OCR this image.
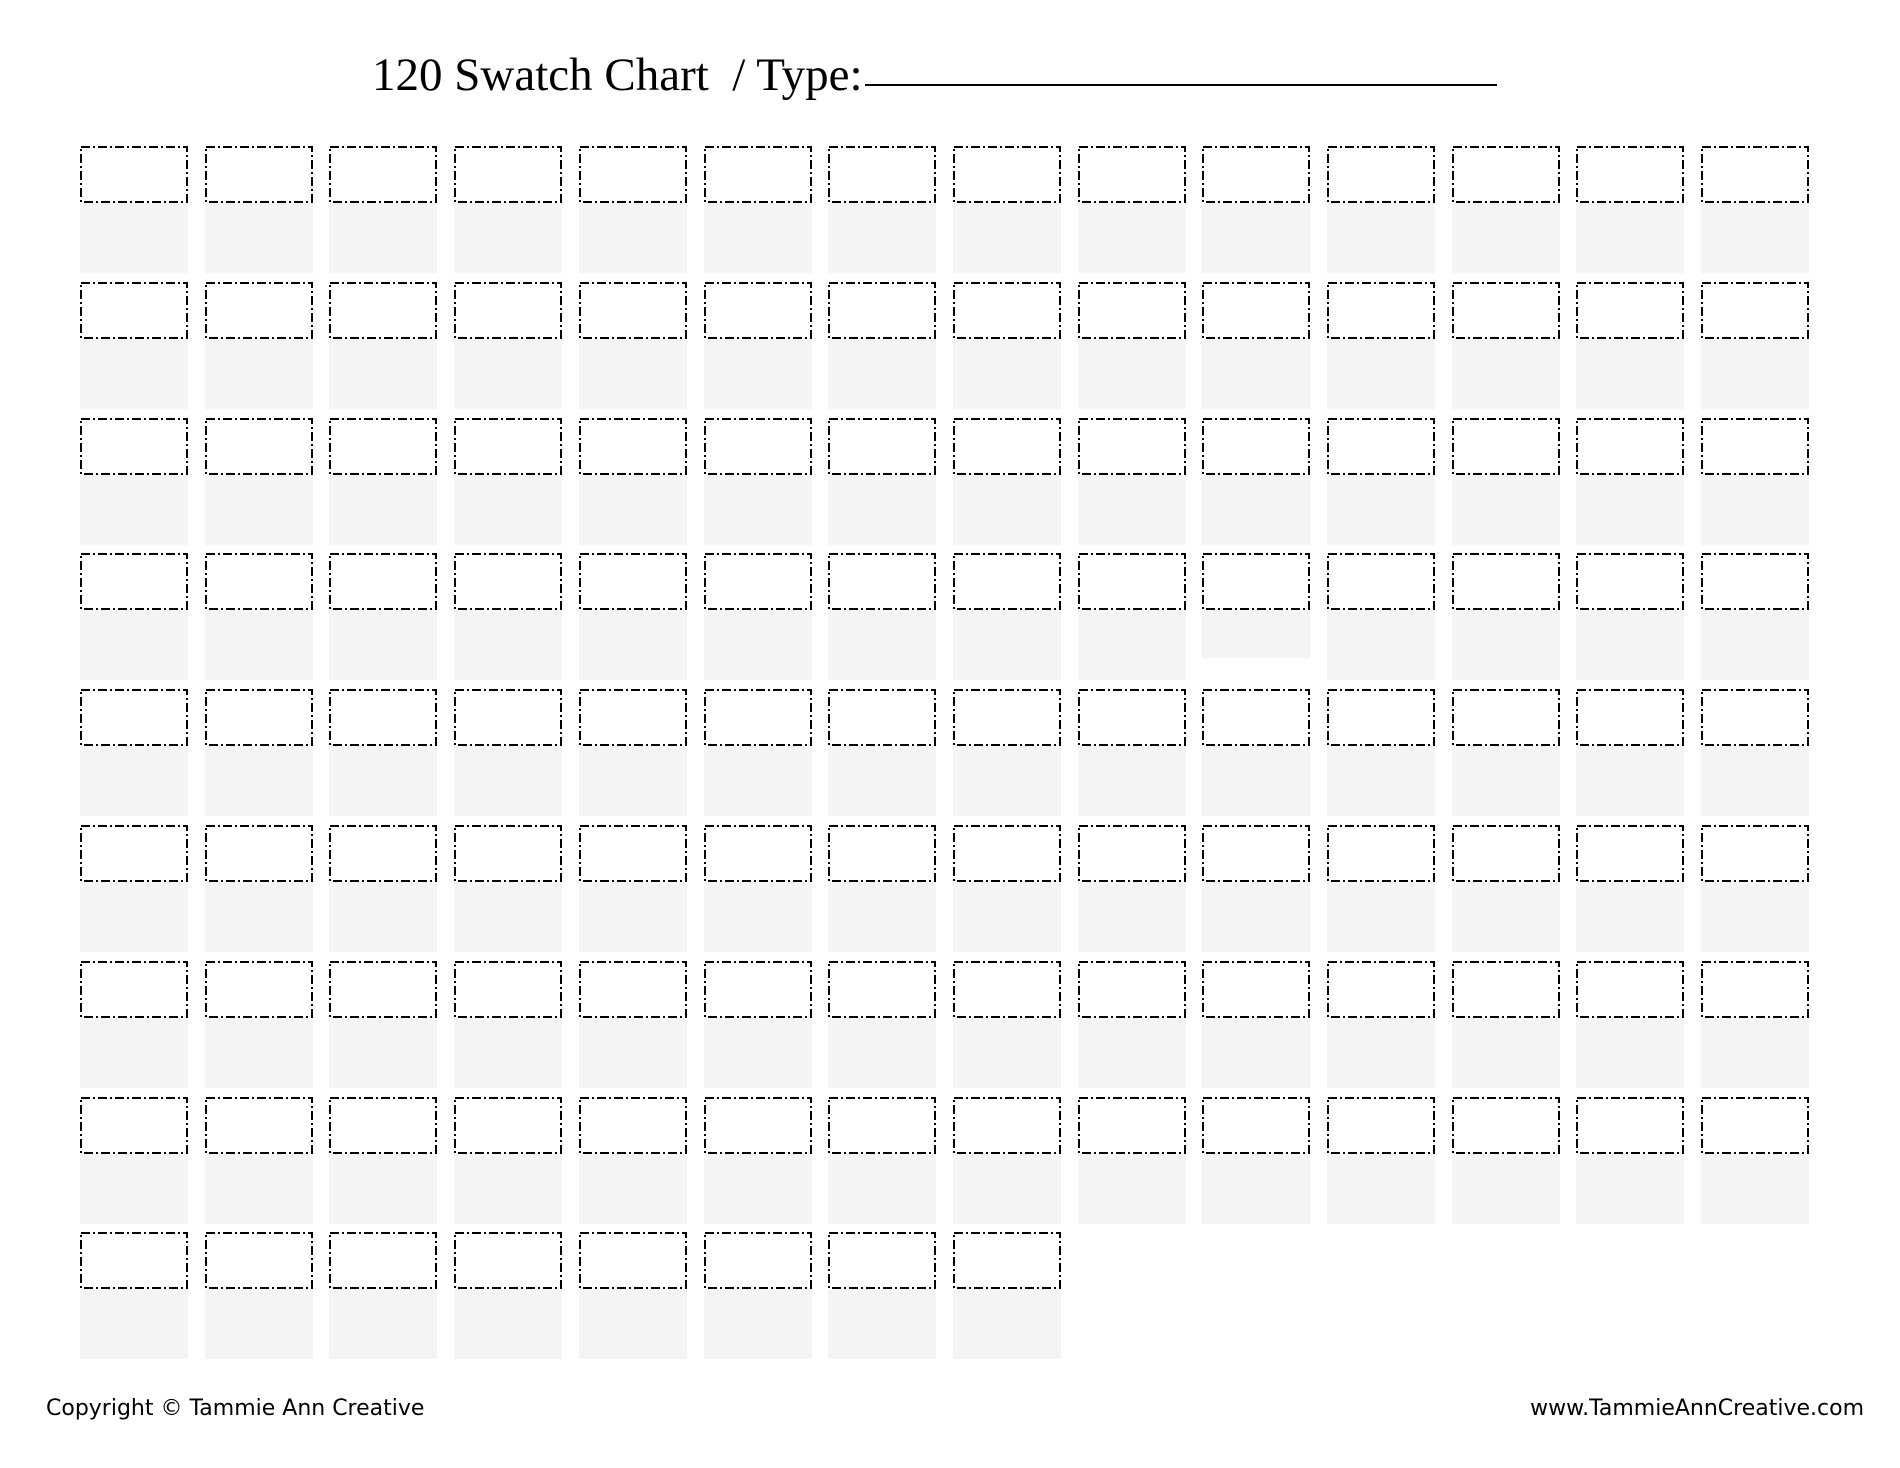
120 Swatch Chart  / Type:
Copyright © Tammie Ann Creative	www.TammieAnnCreative.com
